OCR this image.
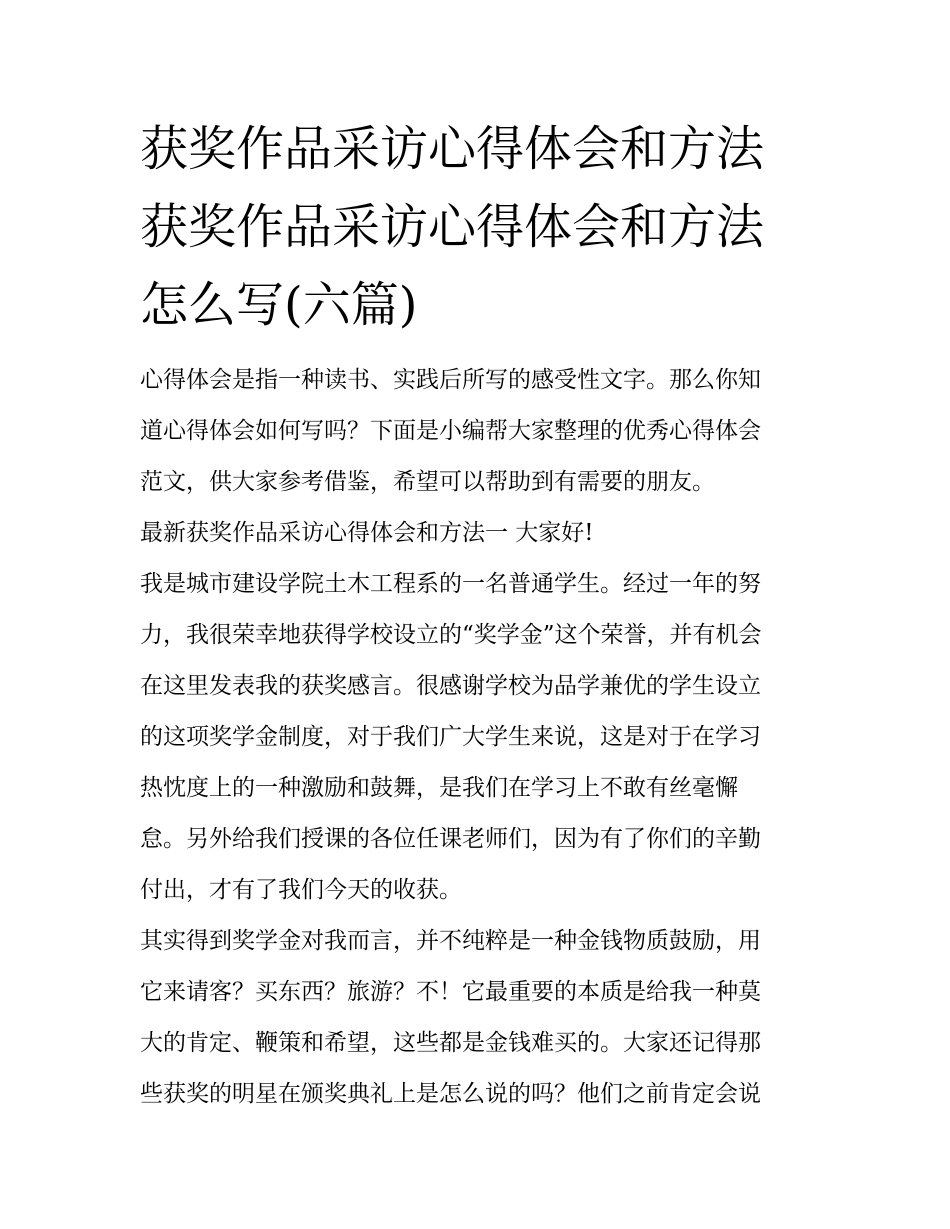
获奖作品采访心得体会和方法
获奖作品采访心得体会和方法
怎么写(六篇)
心得体会是指一种读书、实践后所写的感受性文字。那么你知
道心得体会如何写吗？下面是小编帮大家整理的优秀心得体会
范文，供大家参考借鉴，希望可以帮助到有需要的朋友。
最新获奖作品采访心得体会和方法一 大家好!
我是城市建设学院土木工程系的一名普通学生。经过一年的努
力，我很荣幸地获得学校设立的“奖学金”这个荣誉，并有机会
在这里发表我的获奖感言。很感谢学校为品学兼优的学生设立
的这项奖学金制度，对于我们广大学生来说，这是对于在学习
热忱度上的一种激励和鼓舞，是我们在学习上不敢有丝毫懈
怠。另外给我们授课的各位任课老师们，因为有了你们的辛勤
付出，才有了我们今天的收获。
其实得到奖学金对我而言，并不纯粹是一种金钱物质鼓励，用
它来请客？买东西？旅游？不！它最重要的本质是给我一种莫
大的肯定、鞭策和希望，这些都是金钱难买的。大家还记得那
些获奖的明星在颁奖典礼上是怎么说的吗？他们之前肯定会说
